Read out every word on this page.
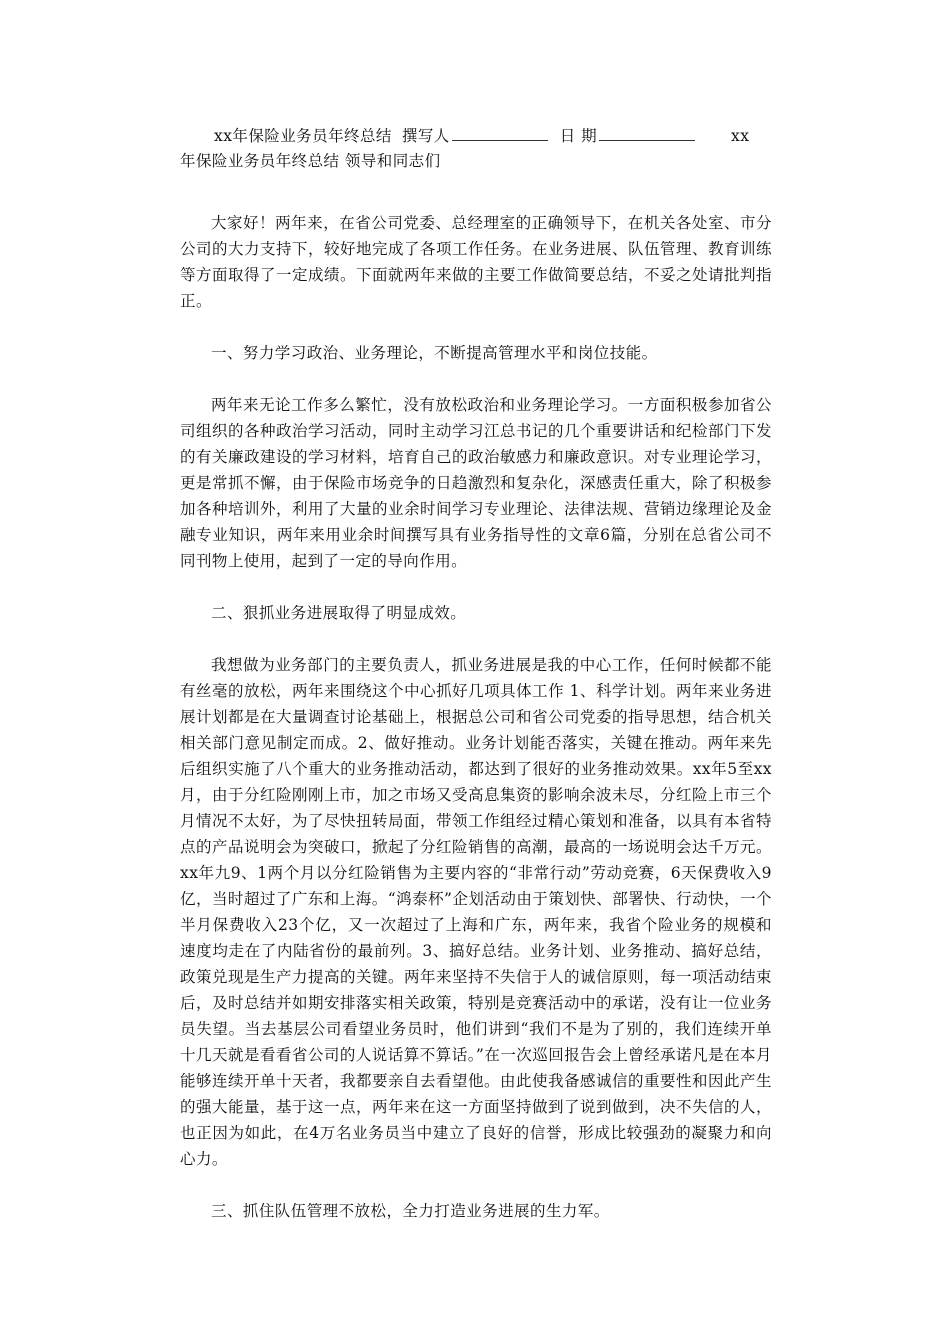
xx年保险业务员年终总结 撰写人	日 期	xx
年保险业务员年终总结 领导和同志们

大家好！两年来，在省公司党委、总经理室的正确领导下，在机关各处室、市分公司的大力支持下，较好地完成了各项工作任务。在业务进展、队伍管理、教育训练等方面取得了一定成绩。下面就两年来做的主要工作做简要总结，不妥之处请批判指正。

一、努力学习政治、业务理论，不断提高管理水平和岗位技能。

两年来无论工作多么繁忙，没有放松政治和业务理论学习。一方面积极参加省公司组织的各种政治学习活动，同时主动学习江总书记的几个重要讲话和纪检部门下发的有关廉政建设的学习材料，培育自己的政治敏感力和廉政意识。对专业理论学习，更是常抓不懈，由于保险市场竞争的日趋激烈和复杂化，深感责任重大，除了积极参加各种培训外，利用了大量的业余时间学习专业理论、法律法规、营销边缘理论及金融专业知识，两年来用业余时间撰写具有业务指导性的文章6篇，分别在总省公司不同刊物上使用，起到了一定的导向作用。

二、狠抓业务进展取得了明显成效。

我想做为业务部门的主要负责人，抓业务进展是我的中心工作，任何时候都不能有丝毫的放松，两年来围绕这个中心抓好几项具体工作 1、科学计划。两年来业务进展计划都是在大量调查讨论基础上，根据总公司和省公司党委的指导思想，结合机关相关部门意见制定而成。2、做好推动。业务计划能否落实，关键在推动。两年来先后组织实施了八个重大的业务推动活动，都达到了很好的业务推动效果。xx年5至xx月，由于分红险刚刚上市，加之市场又受高息集资的影响余波未尽，分红险上市三个月情况不太好，为了尽快扭转局面，带领工作组经过精心策划和准备，以具有本省特点的产品说明会为突破口，掀起了分红险销售的高潮，最高的一场说明会达千万元。xx年九9、1两个月以分红险销售为主要内容的“非常行动”劳动竞赛，6天保费收入9亿，当时超过了广东和上海。“鸿泰杯”企划活动由于策划快、部署快、行动快，一个半月保费收入23个亿，又一次超过了上海和广东，两年来，我省个险业务的规模和速度均走在了内陆省份的最前列。3、搞好总结。业务计划、业务推动、搞好总结，政策兑现是生产力提高的关键。两年来坚持不失信于人的诚信原则，每一项活动结束后，及时总结并如期安排落实相关政策，特别是竞赛活动中的承诺，没有让一位业务员失望。当去基层公司看望业务员时，他们讲到“我们不是为了别的，我们连续开单十几天就是看看省公司的人说话算不算话。”在一次巡回报告会上曾经承诺凡是在本月能够连续开单十天者，我都要亲自去看望他。由此使我备感诚信的重要性和因此产生的强大能量，基于这一点，两年来在这一方面坚持做到了说到做到，决不失信的人，也正因为如此，在4万名业务员当中建立了良好的信誉，形成比较强劲的凝聚力和向心力。

三、抓住队伍管理不放松，全力打造业务进展的生力军。
